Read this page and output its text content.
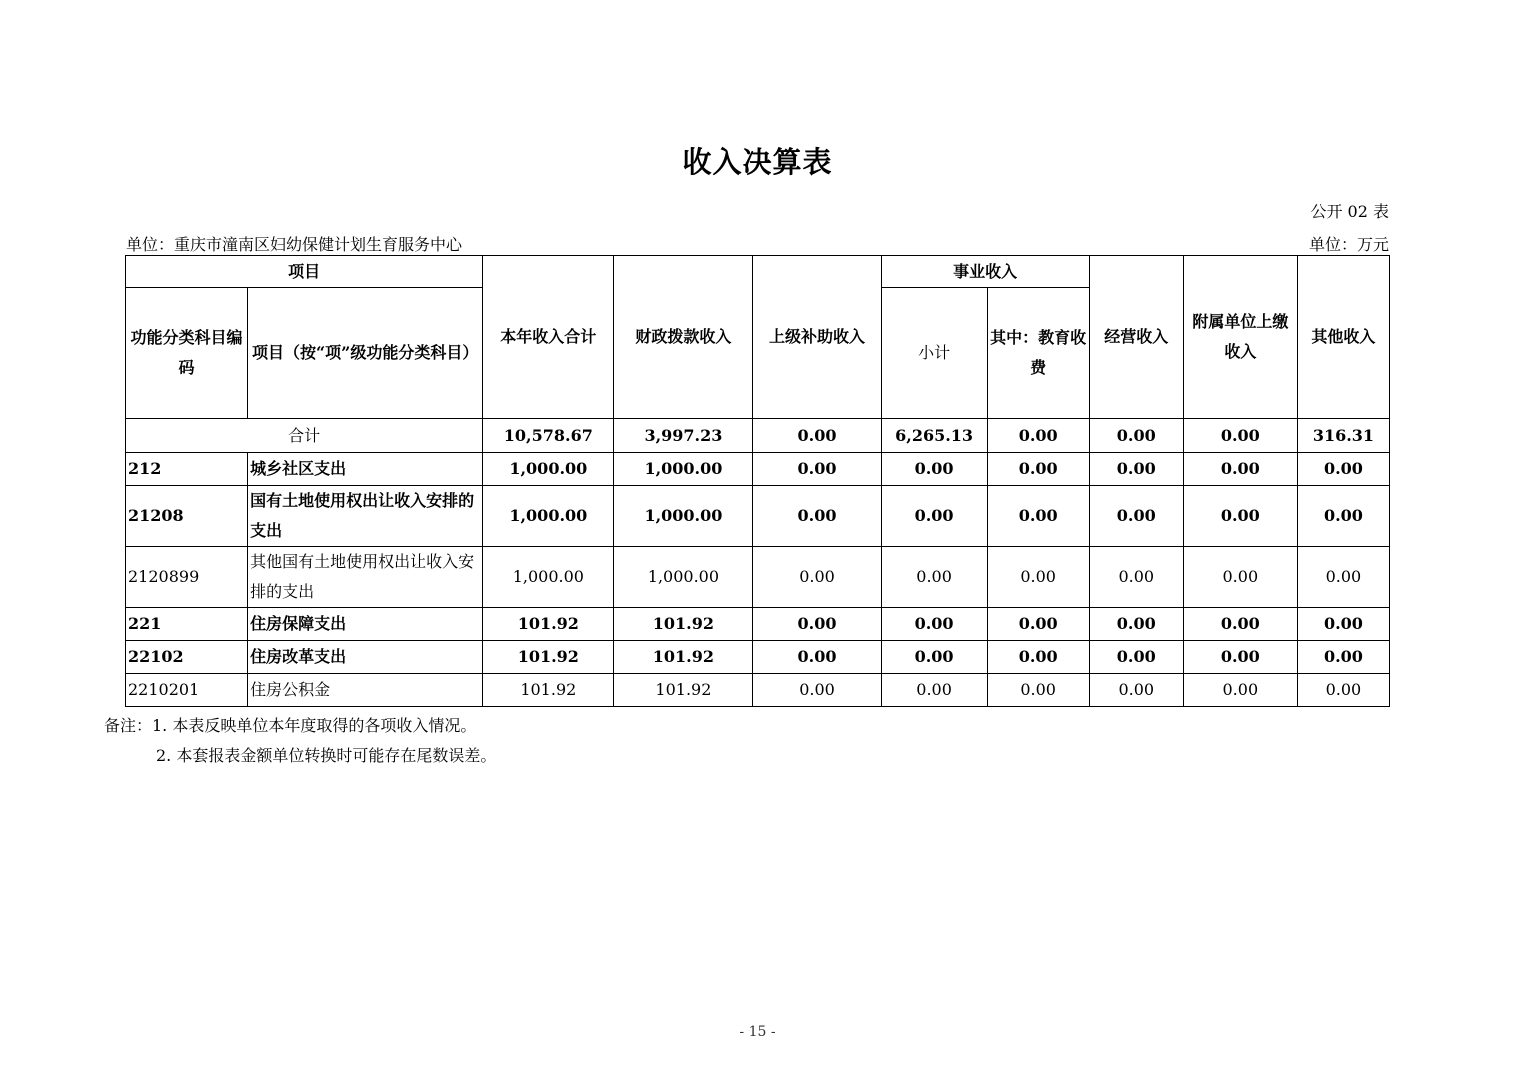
收入决算表
公开 02 表
单位：重庆市潼南区妇幼保健计划生育服务中心	单位：万元
项目		本年收入合计	财政拨款收入	上级补助收入	事业收入		经营收入	附属单位上缴收入	其他收入
功能分类科目编码	项目（按“项”级功能分类科目）				小计	其中：教育收费			
合计		10,578.67	3,997.23	0.00	6,265.13	0.00	0.00	0.00	316.31
212	城乡社区支出	1,000.00	1,000.00	0.00	0.00	0.00	0.00	0.00	0.00
21208	国有土地使用权出让收入安排的支出	1,000.00	1,000.00	0.00	0.00	0.00	0.00	0.00	0.00
2120899	其他国有土地使用权出让收入安排的支出	1,000.00	1,000.00	0.00	0.00	0.00	0.00	0.00	0.00
221	住房保障支出	101.92	101.92	0.00	0.00	0.00	0.00	0.00	0.00
22102	住房改革支出	101.92	101.92	0.00	0.00	0.00	0.00	0.00	0.00
2210201	住房公积金	101.92	101.92	0.00	0.00	0.00	0.00	0.00	0.00
备注：1. 本表反映单位本年度取得的各项收入情况。
2. 本套报表金额单位转换时可能存在尾数误差。
- 15 -
